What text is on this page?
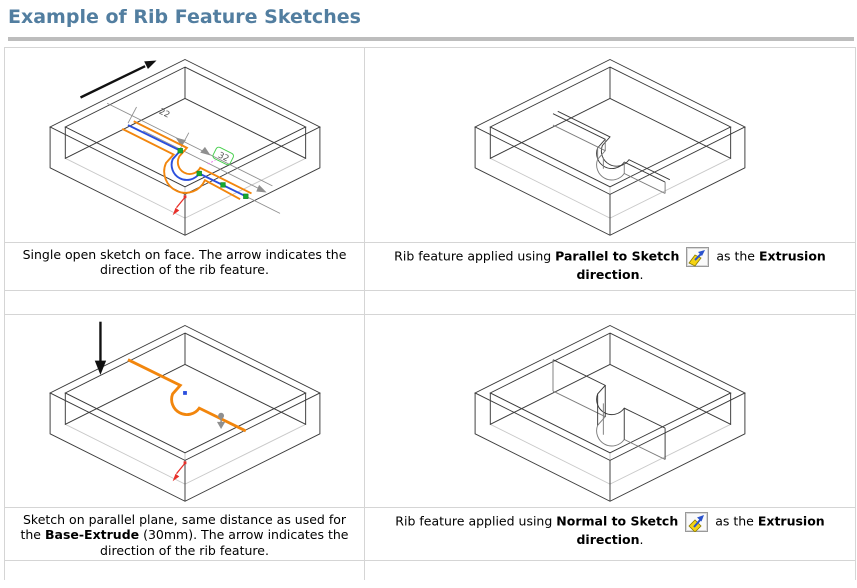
Example of Rib Feature Sketches
22
32

Single open sketch on face. The arrow indicates the direction of the rib feature.	Rib feature applied using Parallel to Sketch as the Extrusion direction.

Sketch on parallel plane, same distance as used for the Base-Extrude (30mm). The arrow indicates the direction of the rib feature.	Rib feature applied using Normal to Sketch as the Extrusion direction.
